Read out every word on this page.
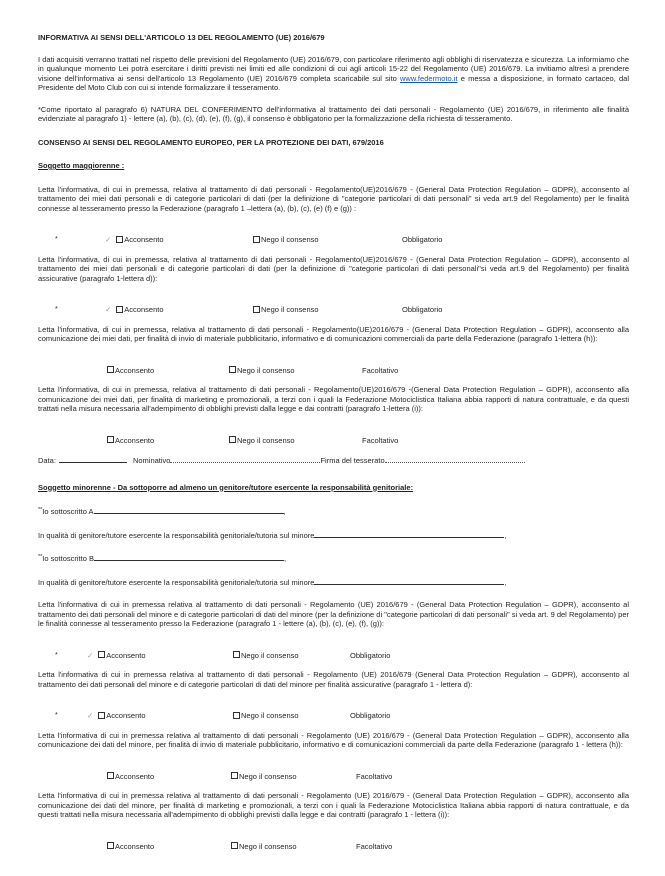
INFORMATIVA AI SENSI DELL'ARTICOLO 13 DEL REGOLAMENTO (UE) 2016/679

I dati acquisiti verranno trattati nel rispetto delle previsioni del Regolamento (UE) 2016/679, con particolare riferimento agli obblighi di riservatezza e sicurezza. La informiamo che in qualunque momento Lei potrà esercitare i diritti previsti nei limiti ed alle condizioni di cui agli articoli 15-22 del Regolamento (UE) 2016/679. La invitiamo altresì a prendere visione dell'informativa ai sensi dell'articolo 13 Regolamento (UE) 2016/679 completa scaricabile sul sito www.federmoto.it e messa a disposizione, in formato cartaceo, dal Presidente del Moto Club con cui si intende formalizzare il tesseramento.

*Come riportato al paragrafo 6) NATURA DEL CONFERIMENTO dell'informativa al trattamento dei dati personali - Regolamento (UE) 2016/679, in riferimento alle finalità evidenziate al paragrafo 1) - lettere (a), (b), (c), (d), (e), (f), (g), il consenso è obbligatorio per la formalizzazione della richiesta di tesseramento.

CONSENSO AI SENSI DEL REGOLAMENTO EUROPEO, PER LA PROTEZIONE DEI DATI, 679/2016
Soggetto maggiorenne :

Letta l'informativa, di cui in premessa, relativa al trattamento di dati personali - Regolamento(UE)2016/679 - (General Data Protection Regulation – GDPR), acconsento al trattamento dei miei dati personali e di categorie particolari di dati (per la definizione di "categorie particolari di dati personali" si veda art.9 del Regolamento) per le finalità connesse al tesseramento presso la Federazione (paragrafo 1 –lettera (a), (b), (c), (e) (f) e (g)) :

*	✓ Acconsento	Nego il consenso	Obbligatorio

Letta l'informativa, di cui in premessa, relativa al trattamento di dati personali - Regolamento(UE)2016/679 - (General Data Protection Regulation – GDPR), acconsento al trattamento dei miei dati personali e di categorie particolari di dati (per la definizione di "categorie particolari di dati personali"si veda art.9 del Regolamento) per finalità assicurative (paragrafo 1-lettera d)):

*	✓ Acconsento	Nego il consenso	Obbligatorio

Letta l'informativa, di cui in premessa, relativa al trattamento di dati personali - Regolamento(UE)2016/679 - (General Data Protection Regulation – GDPR), acconsento alla comunicazione dei miei dati, per finalità di invio di materiale pubblicitario, informativo e di comunicazioni commerciali da parte della Federazione (paragrafo 1-lettera (h)):

Acconsento	Nego il consenso	Facoltativo

Letta l'informativa, di cui in premessa, relativa al trattamento di dati personali - Regolamento(UE)2016/679 -(General Data Protection Regulation – GDPR), acconsento alla comunicazione dei miei dati, per finalità di marketing e promozionali, a terzi con i quali la Federazione Motociclistica Italiana abbia rapporti di natura contrattuale, e da questi trattati nella misura necessaria all'adempimento di obblighi previsti dalla legge e dai contratti (paragrafo 1-lettera (i)):

Acconsento	Nego il consenso	Facoltativo
Data:	Nominativo	Firma del tesserato
Soggetto minorenne - Da sottoporre ad almeno un genitore/tutore esercente la responsabilità genitoriale:
**Io sottoscritto A	,
In qualità di genitore/tutore esercente la responsabilità genitoriale/tutoria sul minore	,
**Io sottoscritto B	,
In qualità di genitore/tutore esercente la responsabilità genitoriale/tutoria sul minore	,

Letta l'informativa di cui in premessa relativa al trattamento di dati personali - Regolamento (UE) 2016/679 - (General Data Protection Regulation – GDPR), acconsento al trattamento dei dati personali del minore e di categorie particolari di dati del minore (per la definizione di "categorie particolari di dati personali" si veda art. 9 del Regolamento) per le finalità connesse al tesseramento presso la Federazione (paragrafo 1 - lettere (a), (b), (c), (e), (f), (g)):

*	✓ Acconsento	Nego il consenso	Obbligatorio

Letta l'informativa di cui in premessa relativa al trattamento di dati personali - Regolamento (UE) 2016/679 (General Data Protection Regulation – GDPR), acconsento al trattamento dei dati personali del minore e di categorie particolari di dati del minore per finalità assicurative (paragrafo 1 - lettera d):

*	✓ Acconsento	Nego il consenso	Obbligatorio

Letta l'informativa di cui in premessa relativa al trattamento di dati personali - Regolamento (UE) 2016/679 - (General Data Protection Regulation – GDPR), acconsento alla comunicazione dei dati del minore, per finalità di invio di materiale pubblicitario, informativo e di comunicazioni commerciali da parte della Federazione (paragrafo 1 - lettera (h)):

Acconsento	Nego il consenso	Facoltativo

Letta l'informativa di cui in premessa relativa al trattamento di dati personali - Regolamento (UE) 2016/679 - (General Data Protection Regulation – GDPR), acconsento alla comunicazione dei dati del minore, per finalità di marketing e promozionali, a terzi con i quali la Federazione Motociclistica Italiana abbia rapporti di natura contrattuale, e da questi trattati nella misura necessaria all'adempimento di obblighi previsti dalla legge e dai contratti (paragrafo 1 - lettera (i)):

Acconsento	Nego il consenso	Facoltativo
